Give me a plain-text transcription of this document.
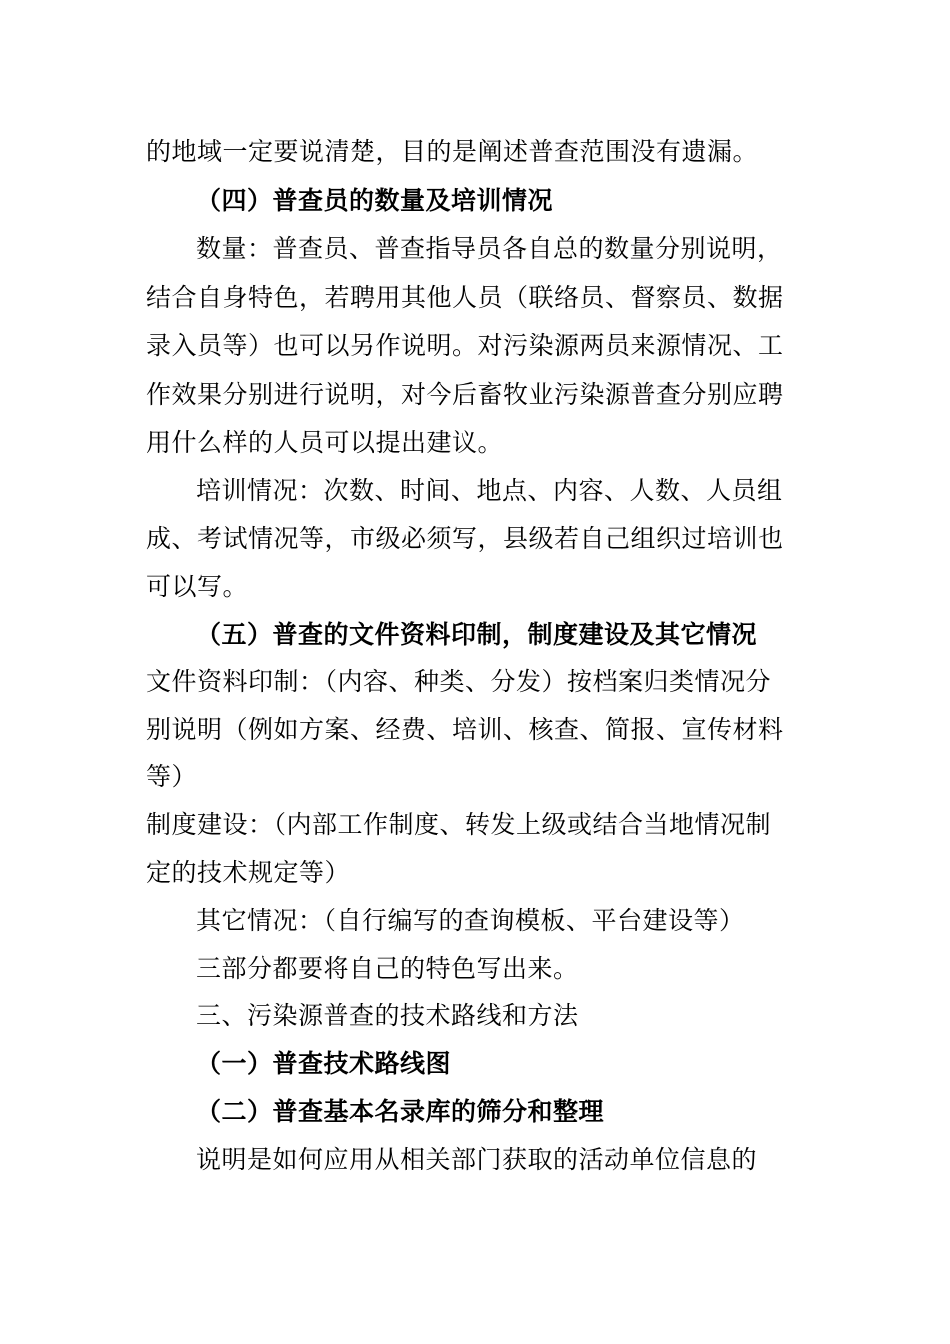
的地域一定要说清楚，目的是阐述普查范围没有遗漏。
（四）普查员的数量及培训情况
数量：普查员、普查指导员各自总的数量分别说明，
结合自身特色，若聘用其他人员（联络员、督察员、数据
录入员等）也可以另作说明。对污染源两员来源情况、工
作效果分别进行说明，对今后畜牧业污染源普查分别应聘
用什么样的人员可以提出建议。
培训情况：次数、时间、地点、内容、人数、人员组
成、考试情况等，市级必须写，县级若自己组织过培训也
可以写。
（五）普查的文件资料印制，制度建设及其它情况
文件资料印制：（内容、种类、分发）按档案归类情况分
别说明（例如方案、经费、培训、核查、简报、宣传材料
等）
制度建设：（内部工作制度、转发上级或结合当地情况制
定的技术规定等）
其它情况：（自行编写的查询模板、平台建设等）
三部分都要将自己的特色写出来。
三、污染源普查的技术路线和方法
（一）普查技术路线图
（二）普查基本名录库的筛分和整理
说明是如何应用从相关部门获取的活动单位信息的
